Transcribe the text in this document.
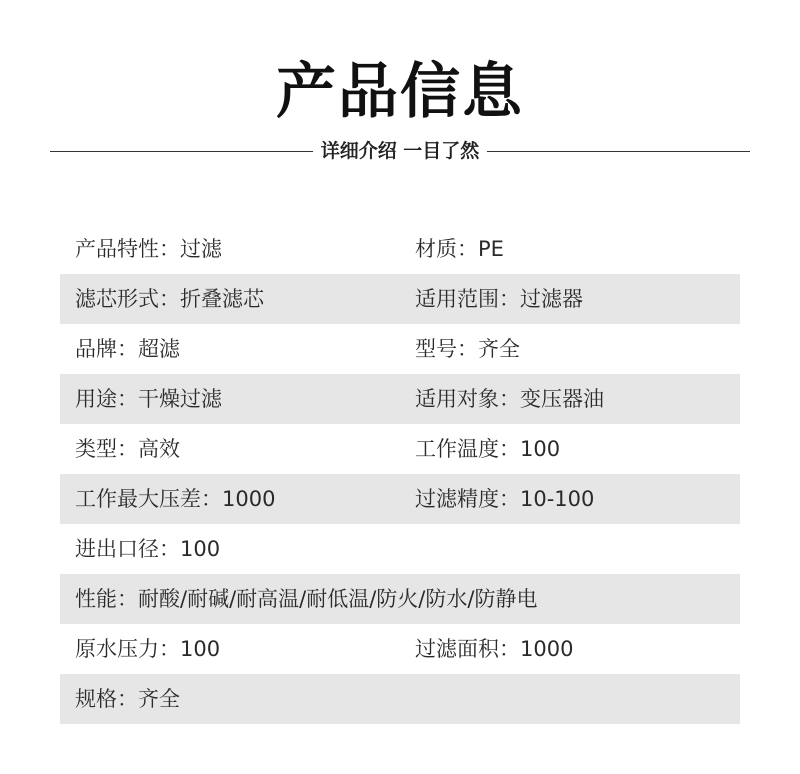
产品信息
详细介绍 一目了然
产品特性：过滤	材质：PE
滤芯形式：折叠滤芯	适用范围：过滤器
品牌：超滤	型号：齐全
用途：干燥过滤	适用对象：变压器油
类型：高效	工作温度：100
工作最大压差：1000	过滤精度：10-100
进出口径：100
性能：耐酸/耐碱/耐高温/耐低温/防火/防水/防静电
原水压力：100	过滤面积：1000
规格：齐全
